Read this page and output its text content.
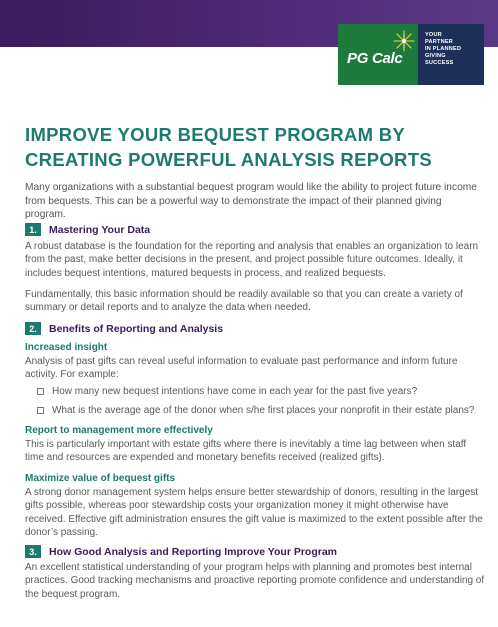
PG Calc
YOUR
PARTNER
IN PLANNED
GIVING
SUCCESS
IMPROVE YOUR BEQUEST PROGRAM BY
CREATING POWERFUL ANALYSIS REPORTS
Many organizations with a substantial bequest program would like the ability to project future income from bequests. This can be a powerful way to demonstrate the impact of their planned giving program.
1.	Mastering Your Data
A robust database is the foundation for the reporting and analysis that enables an organization to learn from the past, make better decisions in the present, and project possible future outcomes. Ideally, it includes bequest intentions, matured bequests in process, and realized bequests.
Fundamentally, this basic information should be readily available so that you can create a variety of summary or detail reports and to analyze the data when needed.
2.	Benefits of Reporting and Analysis
Increased insight
Analysis of past gifts can reveal useful information to evaluate past performance and inform future activity. For example:
How many new bequest intentions have come in each year for the past five years?
What is the average age of the donor when s/he first places your nonprofit in their estate plans?
Report to management more effectively
This is particularly important with estate gifts where there is inevitably a time lag between when staff time and resources are expended and monetary benefits received (realized gifts).
Maximize value of bequest gifts
A strong donor management system helps ensure better stewardship of donors, resulting in the largest gifts possible, whereas poor stewardship costs your organization money it might otherwise have received. Effective gift administration ensures the gift value is maximized to the extent possible after the donor’s passing.
3.	How Good Analysis and Reporting Improve Your Program
An excellent statistical understanding of your program helps with planning and promotes best internal practices. Good tracking mechanisms and proactive reporting promote confidence and understanding of the bequest program.
